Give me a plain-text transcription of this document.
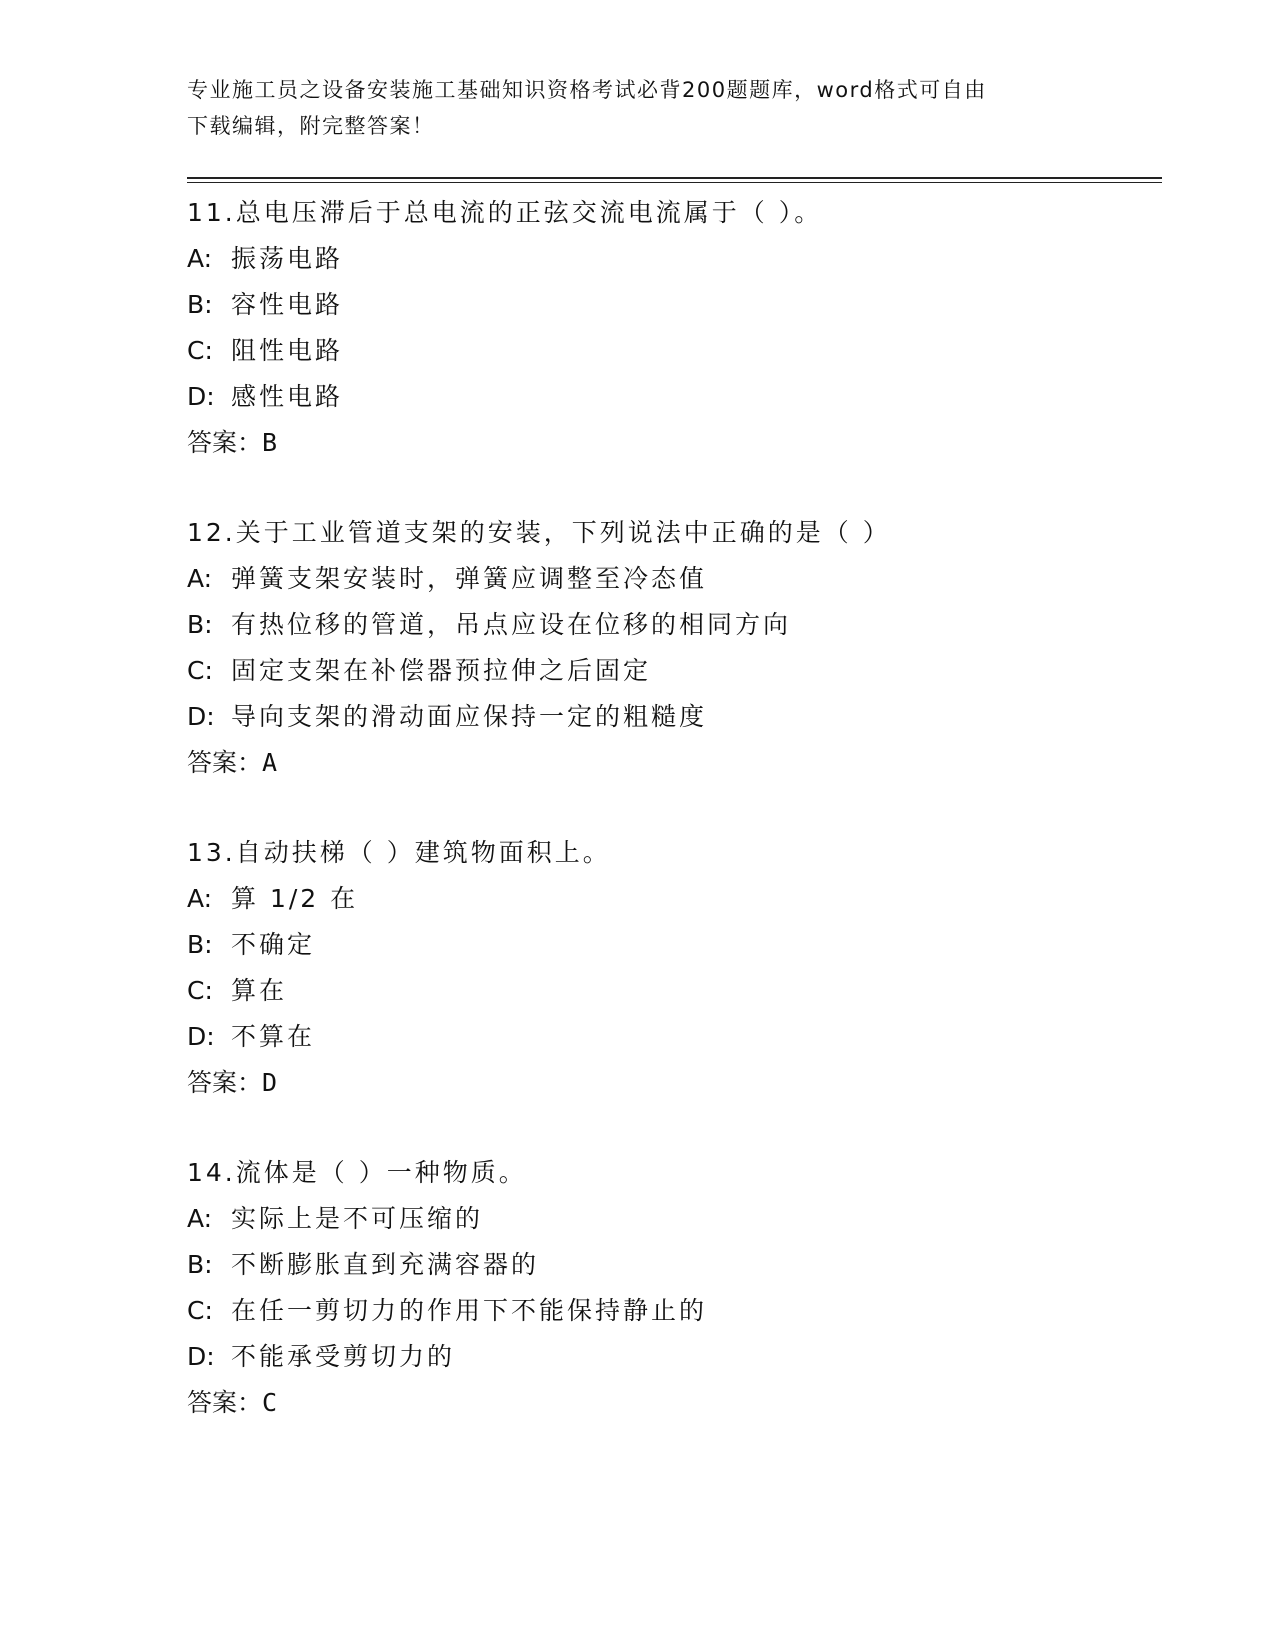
专业施工员之设备安装施工基础知识资格考试必背200题题库，word格式可自由
下载编辑，附完整答案！
11.总电压滞后于总电流的正弦交流电流属于（ ）。
A: 振荡电路
B: 容性电路
C: 阻性电路
D: 感性电路
答案：B
12.关于工业管道支架的安装，下列说法中正确的是（ ）
A: 弹簧支架安装时，弹簧应调整至冷态值
B: 有热位移的管道，吊点应设在位移的相同方向
C: 固定支架在补偿器预拉伸之后固定
D: 导向支架的滑动面应保持一定的粗糙度
答案：A
13.自动扶梯（ ）建筑物面积上。
A: 算 1/2 在
B: 不确定
C: 算在
D: 不算在
答案：D
14.流体是（ ）一种物质。
A: 实际上是不可压缩的
B: 不断膨胀直到充满容器的
C: 在任一剪切力的作用下不能保持静止的
D: 不能承受剪切力的
答案：C
